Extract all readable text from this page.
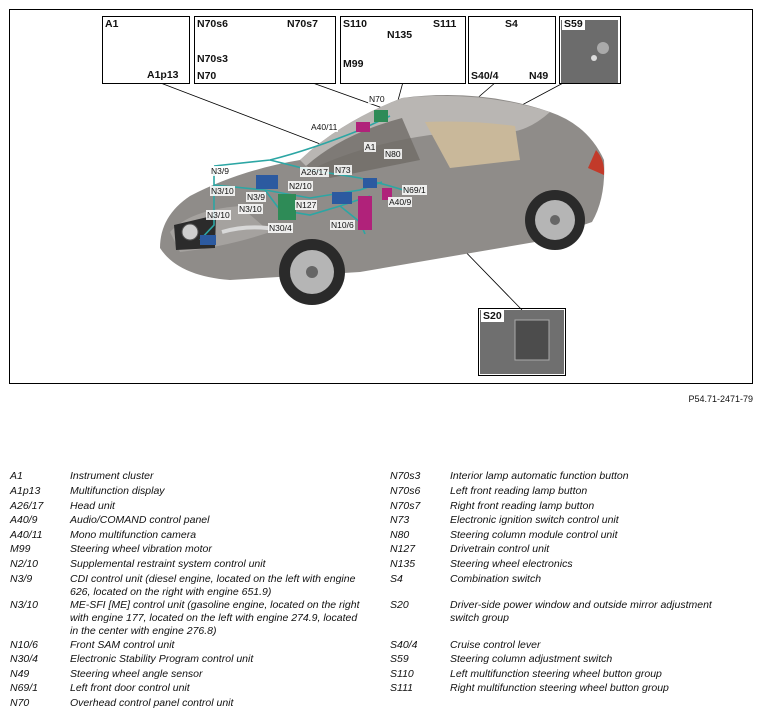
A1
A1p13
N70s6	N70s7
N70s3
N70
S110	S111
N135
M99
S4
S40/4	N49
S59
S20
N70
A40/11
A1
N80
N73
N3/9	A26/17
N3/10	N2/10
N3/9
N3/10	N127
N69/1
A40/9
N3/10
N30/4	N10/6
P54.71-2471-79
A1	Instrument cluster
A1p13	Multifunction display
A26/17	Head unit
A40/9	Audio/COMAND control panel
A40/11	Mono multifunction camera
M99	Steering wheel vibration motor
N2/10	Supplemental restraint system control unit
N3/9	CDI control unit (diesel engine, located on the left with engine 626, located on the right with engine 651.9)
N3/10	ME-SFI [ME] control unit (gasoline engine, located on the right with engine 177, located on the left with engine 274.9, located in the center with engine 276.8)
N10/6	Front SAM control unit
N30/4	Electronic Stability Program control unit
N49	Steering wheel angle sensor
N69/1	Left front door control unit
N70	Overhead control panel control unit
N70s3	Interior lamp automatic function button
N70s6	Left front reading lamp button
N70s7	Right front reading lamp button
N73	Electronic ignition switch control unit
N80	Steering column module control unit
N127	Drivetrain control unit
N135	Steering wheel electronics
S4	Combination switch
S20	Driver-side power window and outside mirror adjustment switch group
S40/4	Cruise control lever
S59	Steering column adjustment switch
S110	Left multifunction steering wheel button group
S111	Right multifunction steering wheel button group
